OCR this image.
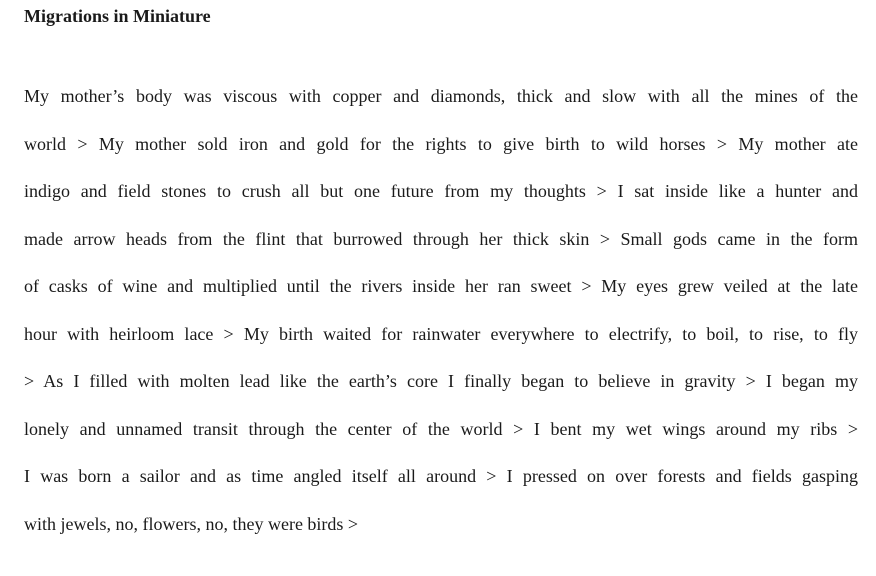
Migrations in Miniature
My mother’s body was viscous with copper and diamonds, thick and slow with all the mines of the
world > My mother sold iron and gold for the rights to give birth to wild horses > My mother ate
indigo and field stones to crush all but one future from my thoughts > I sat inside like a hunter and
made arrow heads from the flint that burrowed through her thick skin > Small gods came in the form
of casks of wine and multiplied until the rivers inside her ran sweet > My eyes grew veiled at the late
hour with heirloom lace > My birth waited for rainwater everywhere to electrify, to boil, to rise, to fly
> As I filled with molten lead like the earth’s core I finally began to believe in gravity > I began my
lonely and unnamed transit through the center of the world > I bent my wet wings around my ribs >
I was born a sailor and as time angled itself all around > I pressed on over forests and fields gasping
with jewels, no, flowers, no, they were birds >
